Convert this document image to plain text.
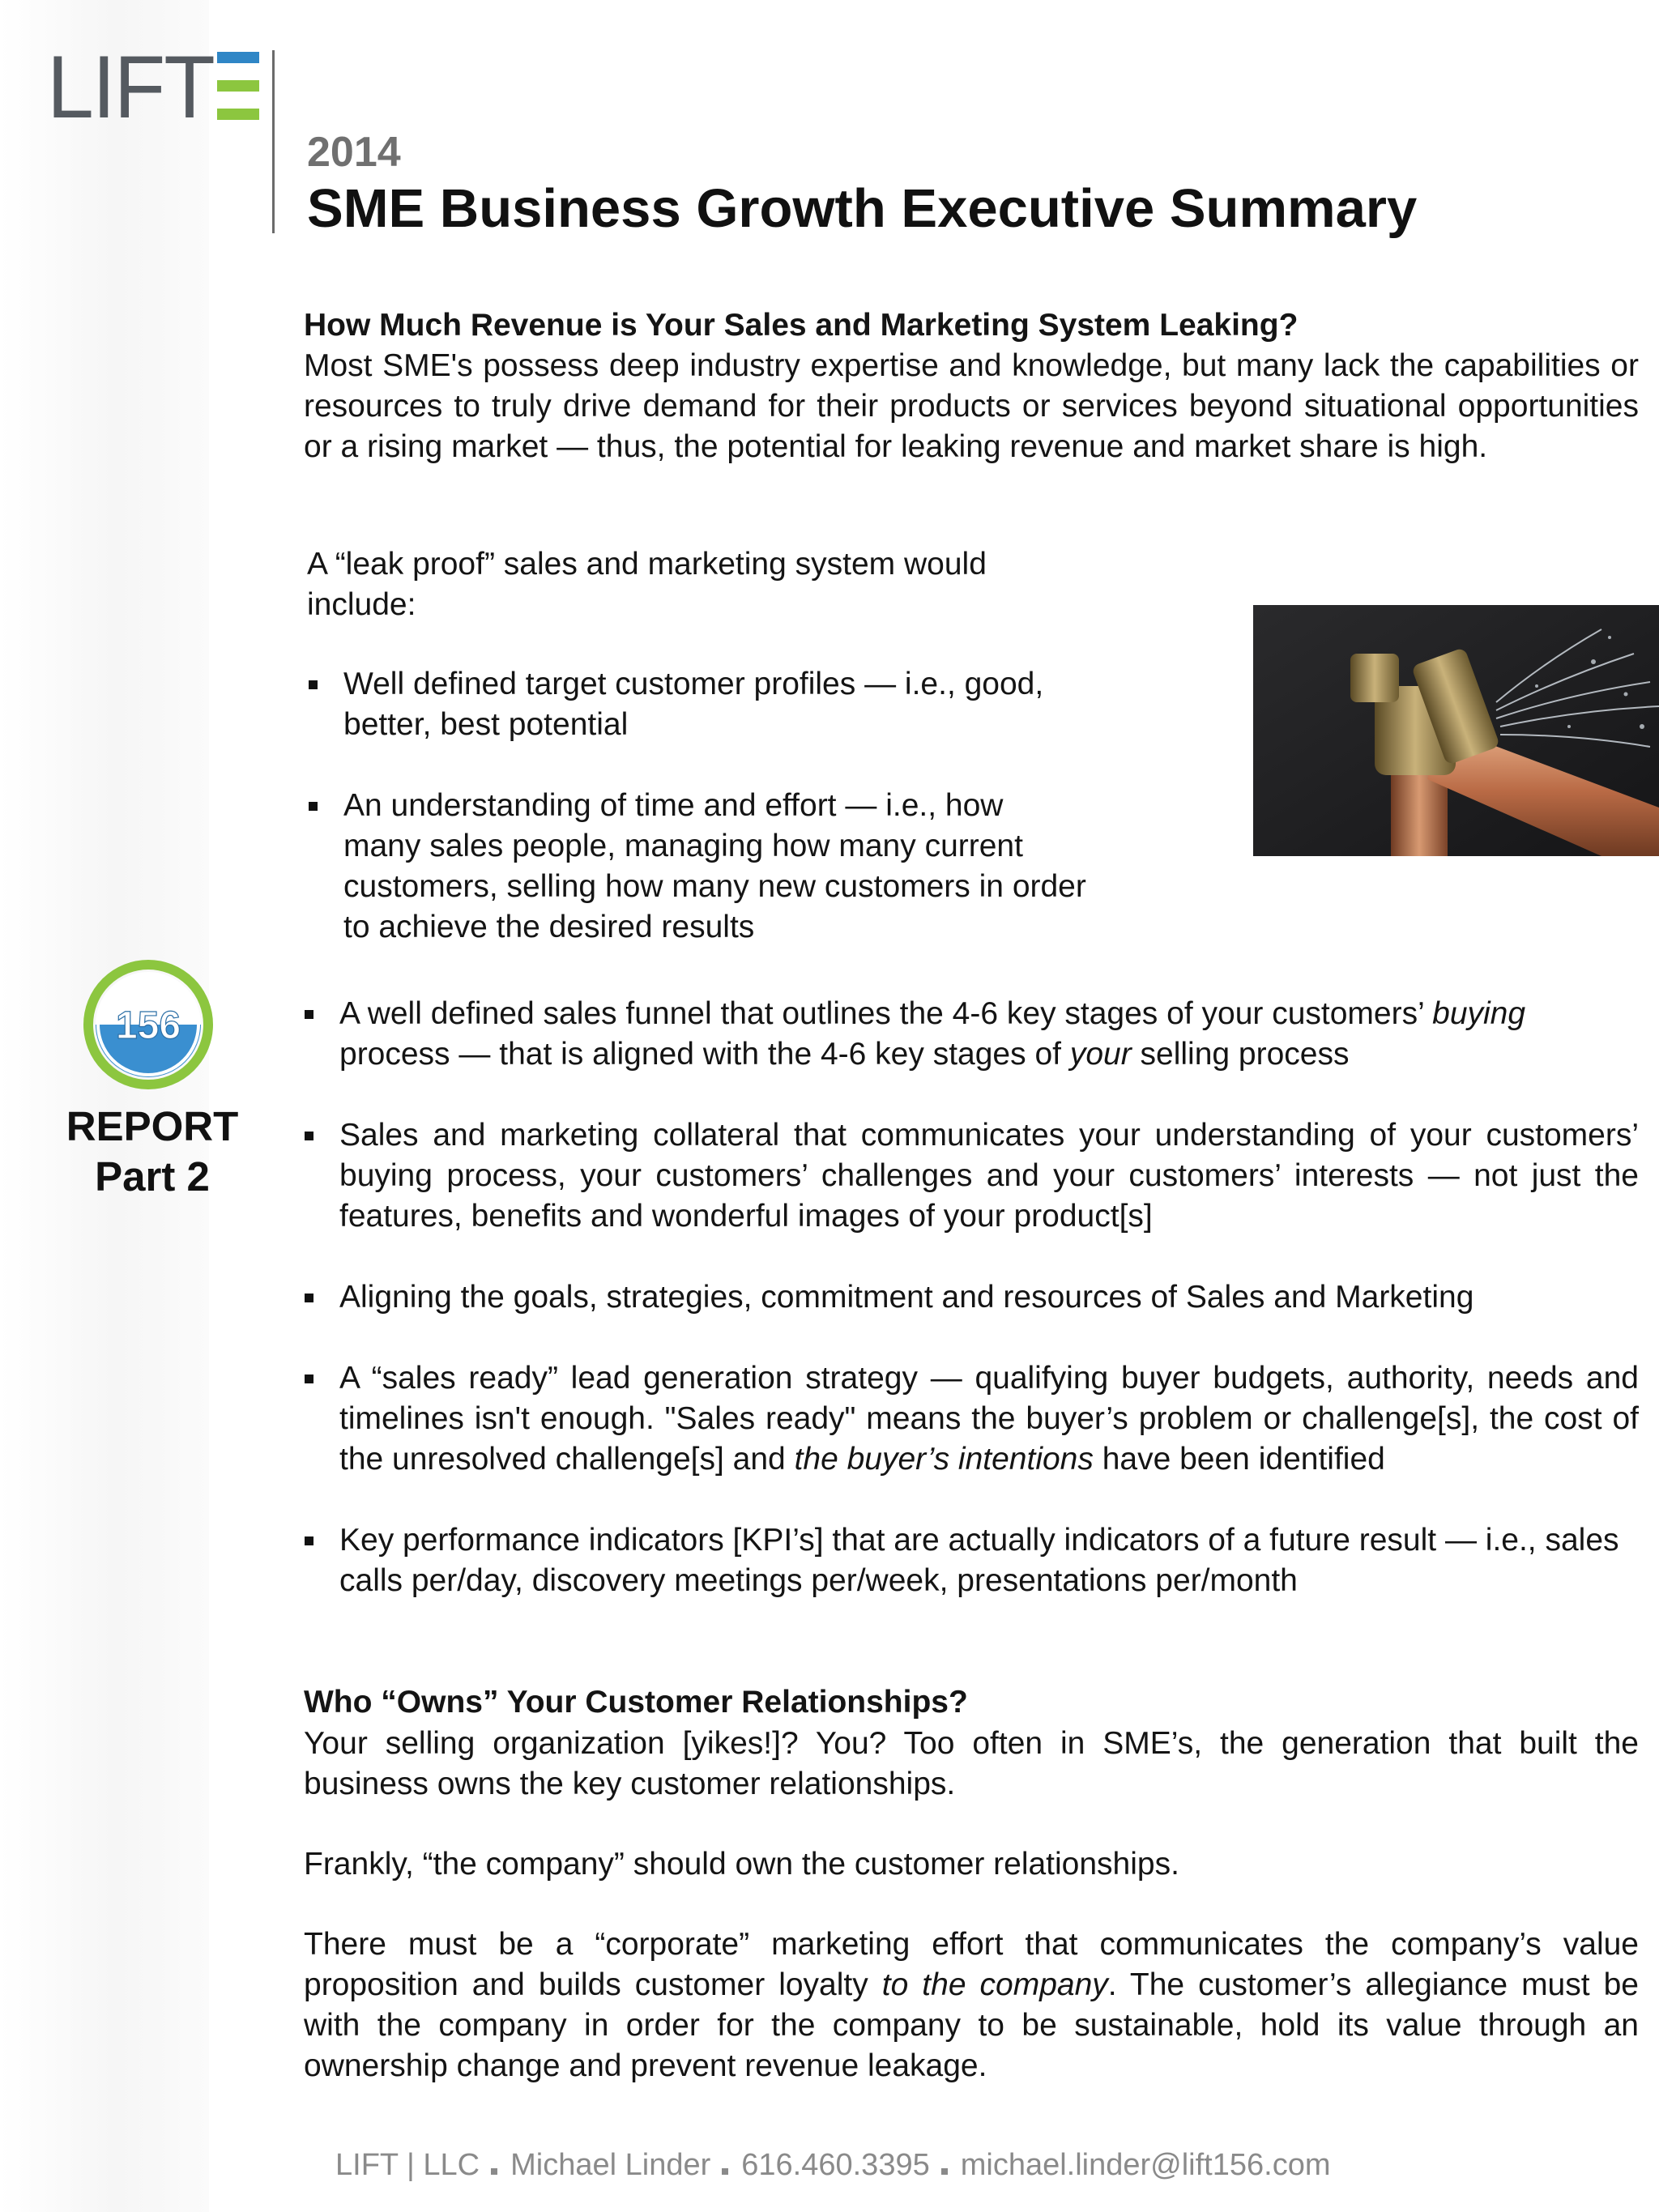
LIFT

2014

SME Business Growth Executive Summary
How Much Revenue is Your Sales and Marketing System Leaking?

Most SME's possess deep industry expertise and knowledge, but many lack the capabilities or resources to truly drive demand for their products or services beyond situational opportunities or a rising market — thus, the potential for leaking revenue and market share is high.

A “leak proof” sales and marketing system would include:

Well defined target customer profiles — i.e., good, better, best potential
An understanding of time and effort — i.e., how many sales people, managing how many current customers, selling how many new customers in order to achieve the desired results
156

REPORT
Part 2

A well defined sales funnel that outlines the 4-6 key stages of your customers’ buying process — that is aligned with the 4-6 key stages of your selling process
Sales and marketing collateral that communicates your understanding of your customers’ buying process, your customers’ challenges and your customers’ interests — not just the features, benefits and wonderful images of your product[s]
Aligning the goals, strategies, commitment and resources of Sales and Marketing
A “sales ready” lead generation strategy — qualifying buyer budgets, authority, needs and timelines isn't enough. "Sales ready" means the buyer’s problem or challenge[s], the cost of the unresolved challenge[s] and the buyer’s intentions have been identified
Key performance indicators [KPI’s] that are actually indicators of a future result — i.e., sales calls per/day, discovery meetings per/week, presentations per/month
Who “Owns” Your Customer Relationships?

Your selling organization [yikes!]? You? Too often in SME’s, the generation that built the business owns the key customer relationships.

Frankly, “the company” should own the customer relationships.

There must be a “corporate” marketing effort that communicates the company’s value proposition and builds customer loyalty to the company. The customer’s allegiance must be with the company in order for the company to be sustainable, hold its value through an ownership change and prevent revenue leakage.

LIFT | LLC Michael Linder 616.460.3395 michael.linder@lift156.com
